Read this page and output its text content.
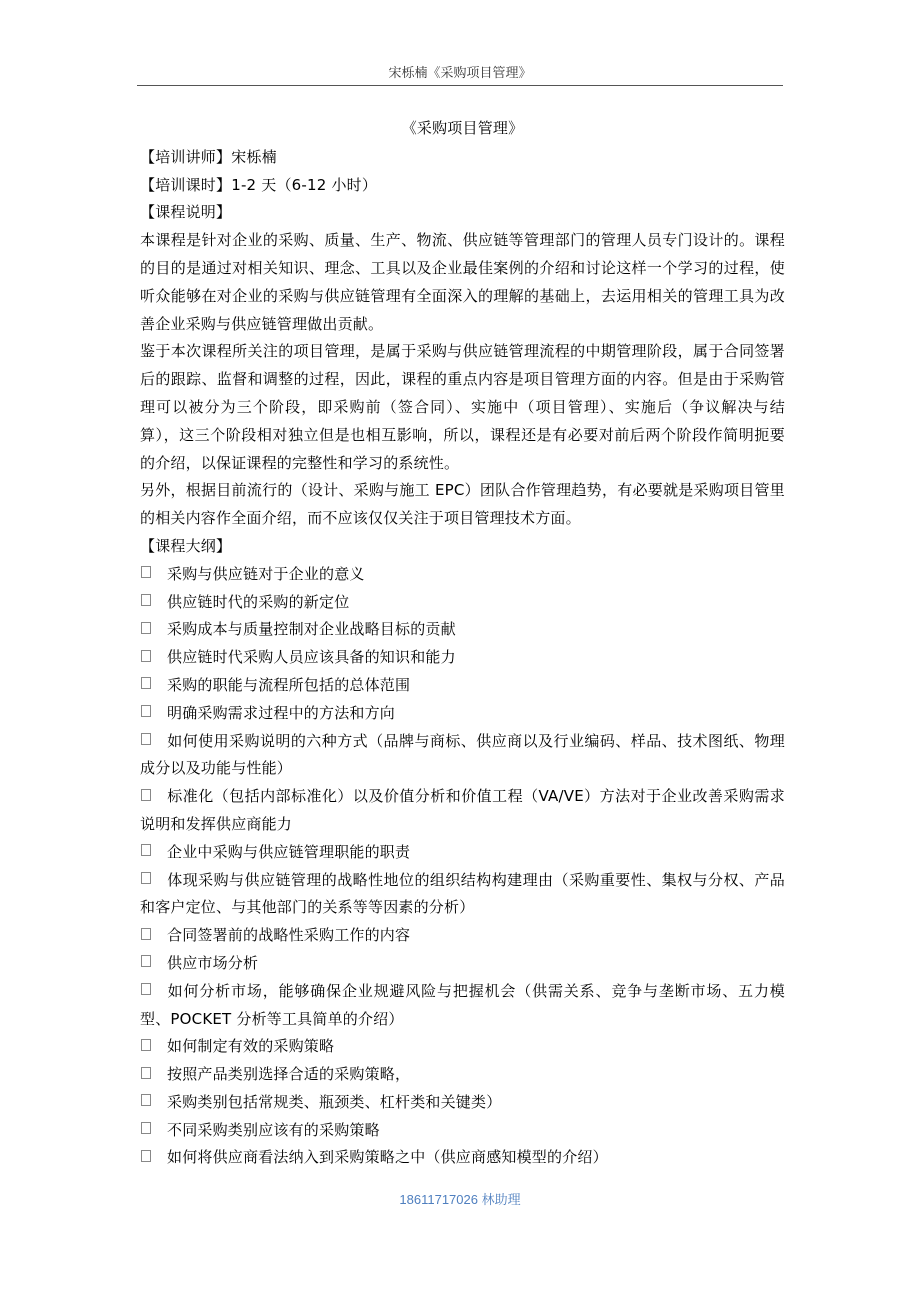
宋栎楠《采购项目管理》
《采购项目管理》
【培训讲师】宋栎楠
【培训课时】1-2 天（6-12 小时）
【课程说明】

本课程是针对企业的采购、质量、生产、物流、供应链等管理部门的管理人员专门设计的。课程的目的是通过对相关知识、理念、工具以及企业最佳案例的介绍和讨论这样一个学习的过程，使听众能够在对企业的采购与供应链管理有全面深入的理解的基础上，去运用相关的管理工具为改善企业采购与供应链管理做出贡献。

鉴于本次课程所关注的项目管理，是属于采购与供应链管理流程的中期管理阶段，属于合同签署后的跟踪、监督和调整的过程，因此，课程的重点内容是项目管理方面的内容。但是由于采购管理可以被分为三个阶段，即采购前（签合同）、实施中（项目管理）、实施后（争议解决与结算），这三个阶段相对独立但是也相互影响，所以，课程还是有必要对前后两个阶段作简明扼要的介绍，以保证课程的完整性和学习的系统性。

另外，根据目前流行的（设计、采购与施工 EPC）团队合作管理趋势，有必要就是采购项目管里的相关内容作全面介绍，而不应该仅仅关注于项目管理技术方面。

【课程大纲】
采购与供应链对于企业的意义
供应链时代的采购的新定位
采购成本与质量控制对企业战略目标的贡献
供应链时代采购人员应该具备的知识和能力
采购的职能与流程所包括的总体范围
明确采购需求过程中的方法和方向
如何使用采购说明的六种方式（品牌与商标、供应商以及行业编码、样品、技术图纸、物理成分以及功能与性能）
标准化（包括内部标准化）以及价值分析和价值工程（VA/VE）方法对于企业改善采购需求说明和发挥供应商能力
企业中采购与供应链管理职能的职责
体现采购与供应链管理的战略性地位的组织结构构建理由（采购重要性、集权与分权、产品和客户定位、与其他部门的关系等等因素的分析）
合同签署前的战略性采购工作的内容
供应市场分析
如何分析市场，能够确保企业规避风险与把握机会（供需关系、竞争与垄断市场、五力模型、POCKET 分析等工具简单的介绍）
如何制定有效的采购策略
按照产品类别选择合适的采购策略，
采购类别包括常规类、瓶颈类、杠杆类和关键类）
不同采购类别应该有的采购策略
如何将供应商看法纳入到采购策略之中（供应商感知模型的介绍）
18611717026 林助理
